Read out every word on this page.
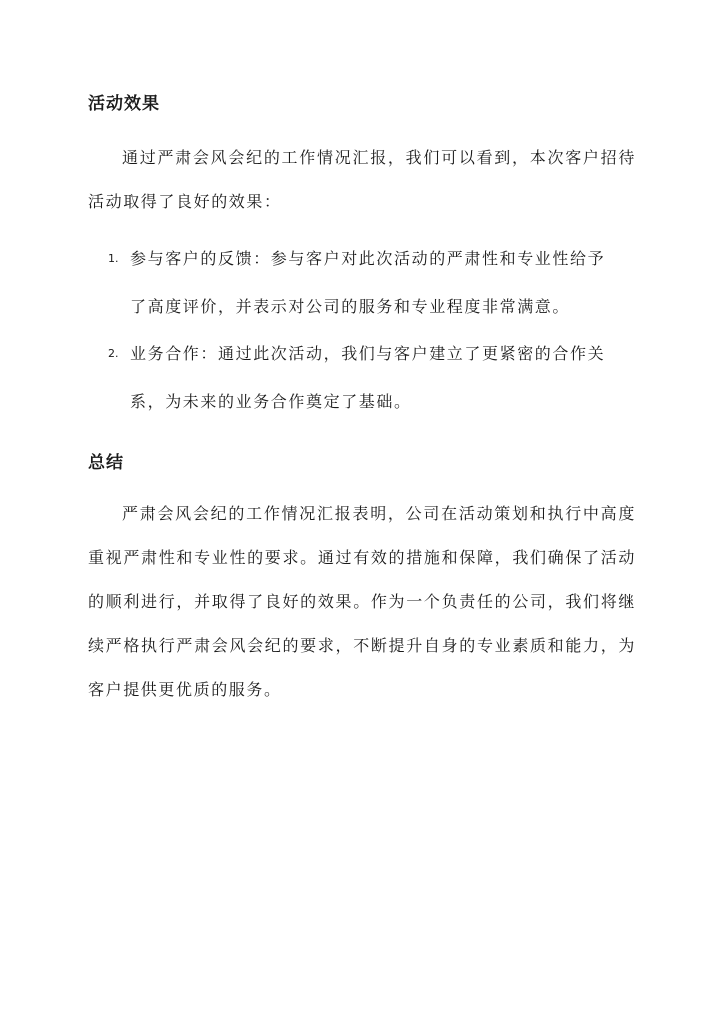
活动效果

通过严肃会风会纪的工作情况汇报，我们可以看到，本次客户招待活动取得了良好的效果：

1. 参与客户的反馈：参与客户对此次活动的严肃性和专业性给予了高度评价，并表示对公司的服务和专业程度非常满意。
2. 业务合作：通过此次活动，我们与客户建立了更紧密的合作关系，为未来的业务合作奠定了基础。
总结

严肃会风会纪的工作情况汇报表明，公司在活动策划和执行中高度重视严肃性和专业性的要求。通过有效的措施和保障，我们确保了活动的顺利进行，并取得了良好的效果。作为一个负责任的公司，我们将继续严格执行严肃会风会纪的要求，不断提升自身的专业素质和能力，为客户提供更优质的服务。
